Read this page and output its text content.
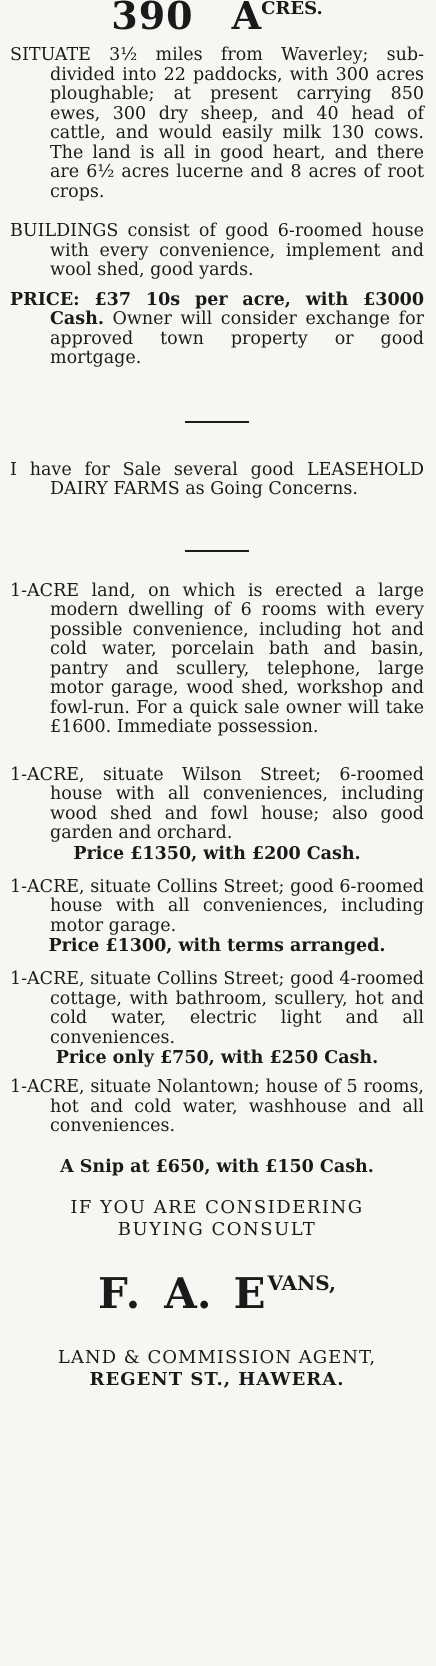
390 $A^{CRES.}$

SITUATE 3½ miles from Waverley; sub-divided into 22 paddocks, with 300 acres ploughable; at present carrying 850 ewes, 300 dry sheep, and 40 head of cattle, and would easily milk 130 cows. The land is all in good heart, and there are 6½ acres lucerne and 8 acres of root crops.

BUILDINGS consist of good 6-roomed house with every convenience, implement and wool shed, good yards.

PRICE: £37 10s per acre, with £3000 Cash. Owner will consider exchange for approved town property or good mortgage.

I have for Sale several good LEASEHOLD DAIRY FARMS as Going Concerns.

1-ACRE land, on which is erected a large modern dwelling of 6 rooms with every possible convenience, including hot and cold water, porcelain bath and basin, pantry and scullery, telephone, large motor garage, wood shed, workshop and fowl-run. For a quick sale owner will take £1600. Immediate possession.

1-ACRE, situate Wilson Street; 6-roomed house with all conveniences, including wood shed and fowl house; also good garden and orchard.

Price £1350, with £200 Cash.

1-ACRE, situate Collins Street; good 6-roomed house with all conveniences, including motor garage.

Price £1300, with terms arranged.

1-ACRE, situate Collins Street; good 4-roomed cottage, with bathroom, scullery, hot and cold water, electric light and all conveniences.

Price only £750, with £250 Cash.

1-ACRE, situate Nolantown; house of 5 rooms, hot and cold water, washhouse and all conveniences.

A Snip at £650, with £150 Cash.

IF YOU ARE CONSIDERING

BUYING CONSULT

F. A. $E^{VANS,}$

LAND & COMMISSION AGENT,

REGENT ST., HAWERA.
